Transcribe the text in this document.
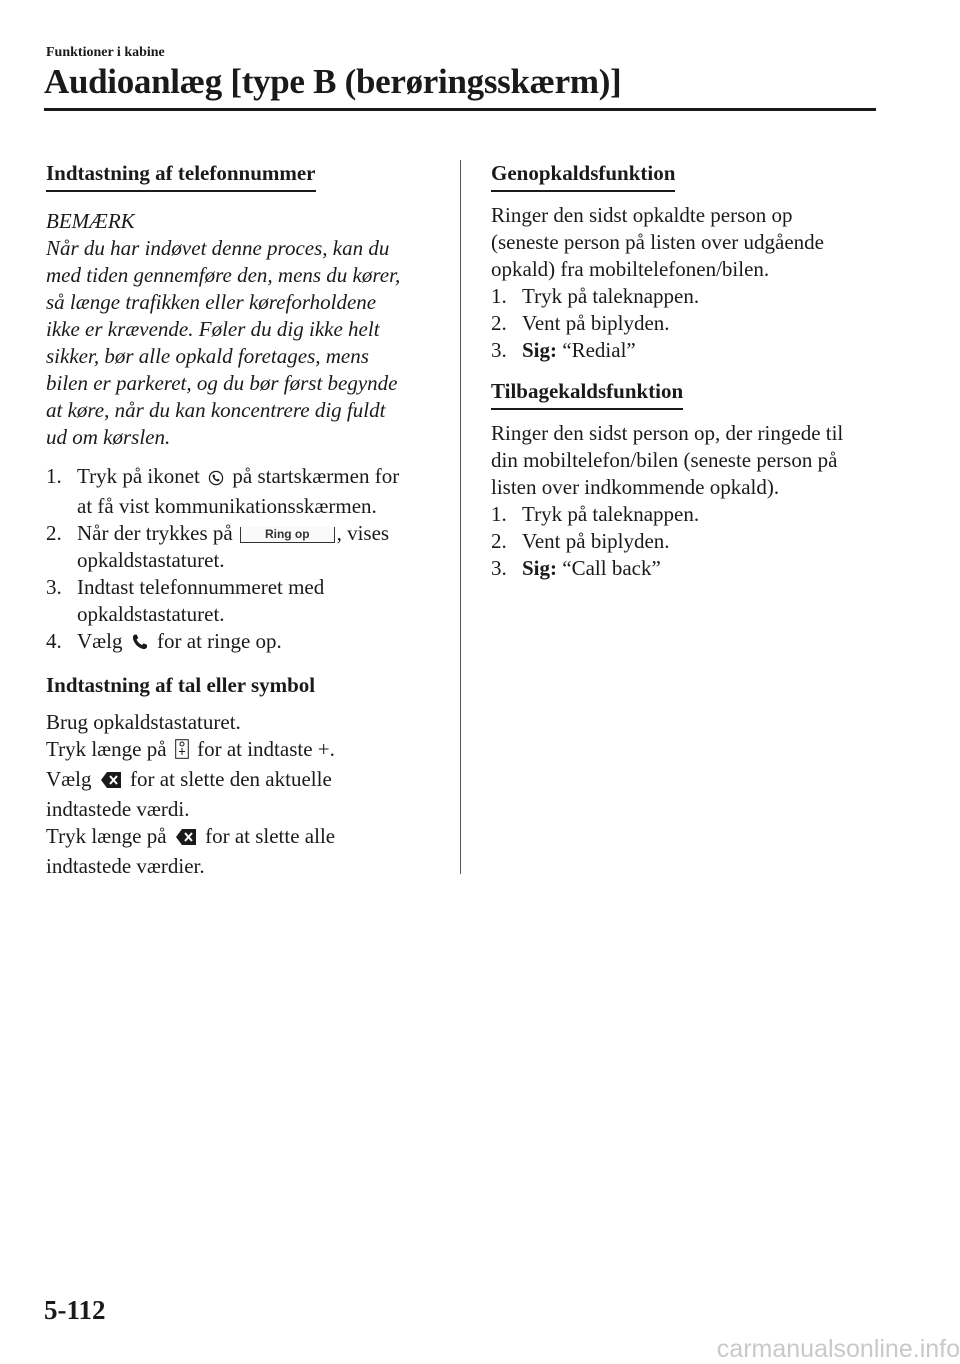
Funktioner i kabine
Audioanlæg [type B (berøringsskærm)]
Indtastning af telefonnummer
BEMÆRK

Når du har indøvet denne proces, kan du

med tiden gennemføre den, mens du kører,

så længe trafikken eller køreforholdene

ikke er krævende. Føler du dig ikke helt

sikker, bør alle opkald foretages, mens

bilen er parkeret, og du bør først begynde

at køre, når du kan koncentrere dig fuldt

ud om kørslen.

1. Tryk på ikonet på startskærmen for
at få vist kommunikationsskærmen.
2. Når der trykkes på	Ring op , vises
opkaldstastaturet.
3. Indtast telefonnummeret med
opkaldstastaturet.
4. Vælg for at ringe op.
Indtastning af tal eller symbol

Brug opkaldstastaturet.

Tryk længe på for at indtaste +.

Vælg for at slette den aktuelle
indtastede værdi.

Tryk længe på for at slette alle
indtastede værdier.

Genopkaldsfunktion

Ringer den sidst opkaldte person op

(seneste person på listen over udgående

opkald) fra mobiltelefonen/bilen.

1. Tryk på taleknappen.
2. Vent på biplyden.
3. Sig: “Redial”
Tilbagekaldsfunktion

Ringer den sidst person op, der ringede til

din mobiltelefon/bilen (seneste person på

listen over indkommende opkald).

1. Tryk på taleknappen.
2. Vent på biplyden.
3. Sig: “Call back”
5-112
carmanualsonline.info
